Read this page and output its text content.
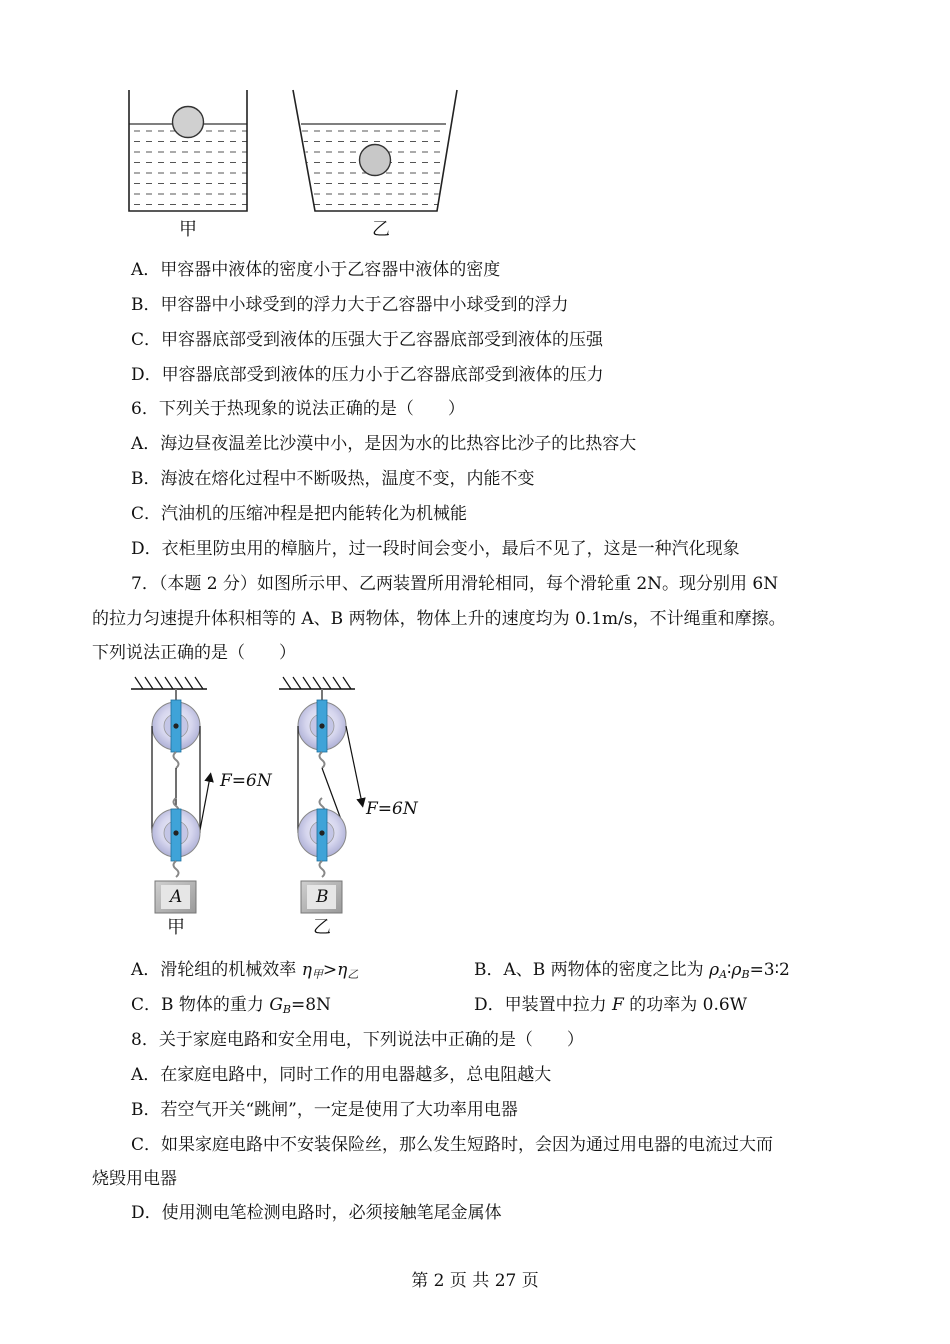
甲	乙
A．甲容器中液体的密度小于乙容器中液体的密度
B．甲容器中小球受到的浮力大于乙容器中小球受到的浮力
C．甲容器底部受到液体的压强大于乙容器底部受到液体的压强
D．甲容器底部受到液体的压力小于乙容器底部受到液体的压力
6．下列关于热现象的说法正确的是（　　）
A．海边昼夜温差比沙漠中小，是因为水的比热容比沙子的比热容大
B．海波在熔化过程中不断吸热，温度不变，内能不变
C．汽油机的压缩冲程是把内能转化为机械能
D．衣柜里防虫用的樟脑片，过一段时间会变小，最后不见了，这是一种汽化现象
7．（本题 2 分）如图所示甲、乙两装置所用滑轮相同，每个滑轮重 2N。现分别用 6N
的拉力匀速提升体积相等的 A、B 两物体，物体上升的速度均为 0.1m/s，不计绳重和摩擦。
下列说法正确的是（　　）
F=6N
F=6N
A	B
甲	乙
A．滑轮组的机械效率 $\eta_甲>\eta_乙$	B．A、B 两物体的密度之比为 $\rho_A∶\rho_B=3∶2$
C．B 物体的重力 $G_B=8N$	D．甲装置中拉力 F 的功率为 0.6W
8．关于家庭电路和安全用电，下列说法中正确的是（　　）
A．在家庭电路中，同时工作的用电器越多，总电阻越大
B．若空气开关“跳闸”，一定是使用了大功率用电器
C．如果家庭电路中不安装保险丝，那么发生短路时，会因为通过用电器的电流过大而
烧毁用电器
D．使用测电笔检测电路时，必须接触笔尾金属体
第 2 页 共 27 页
